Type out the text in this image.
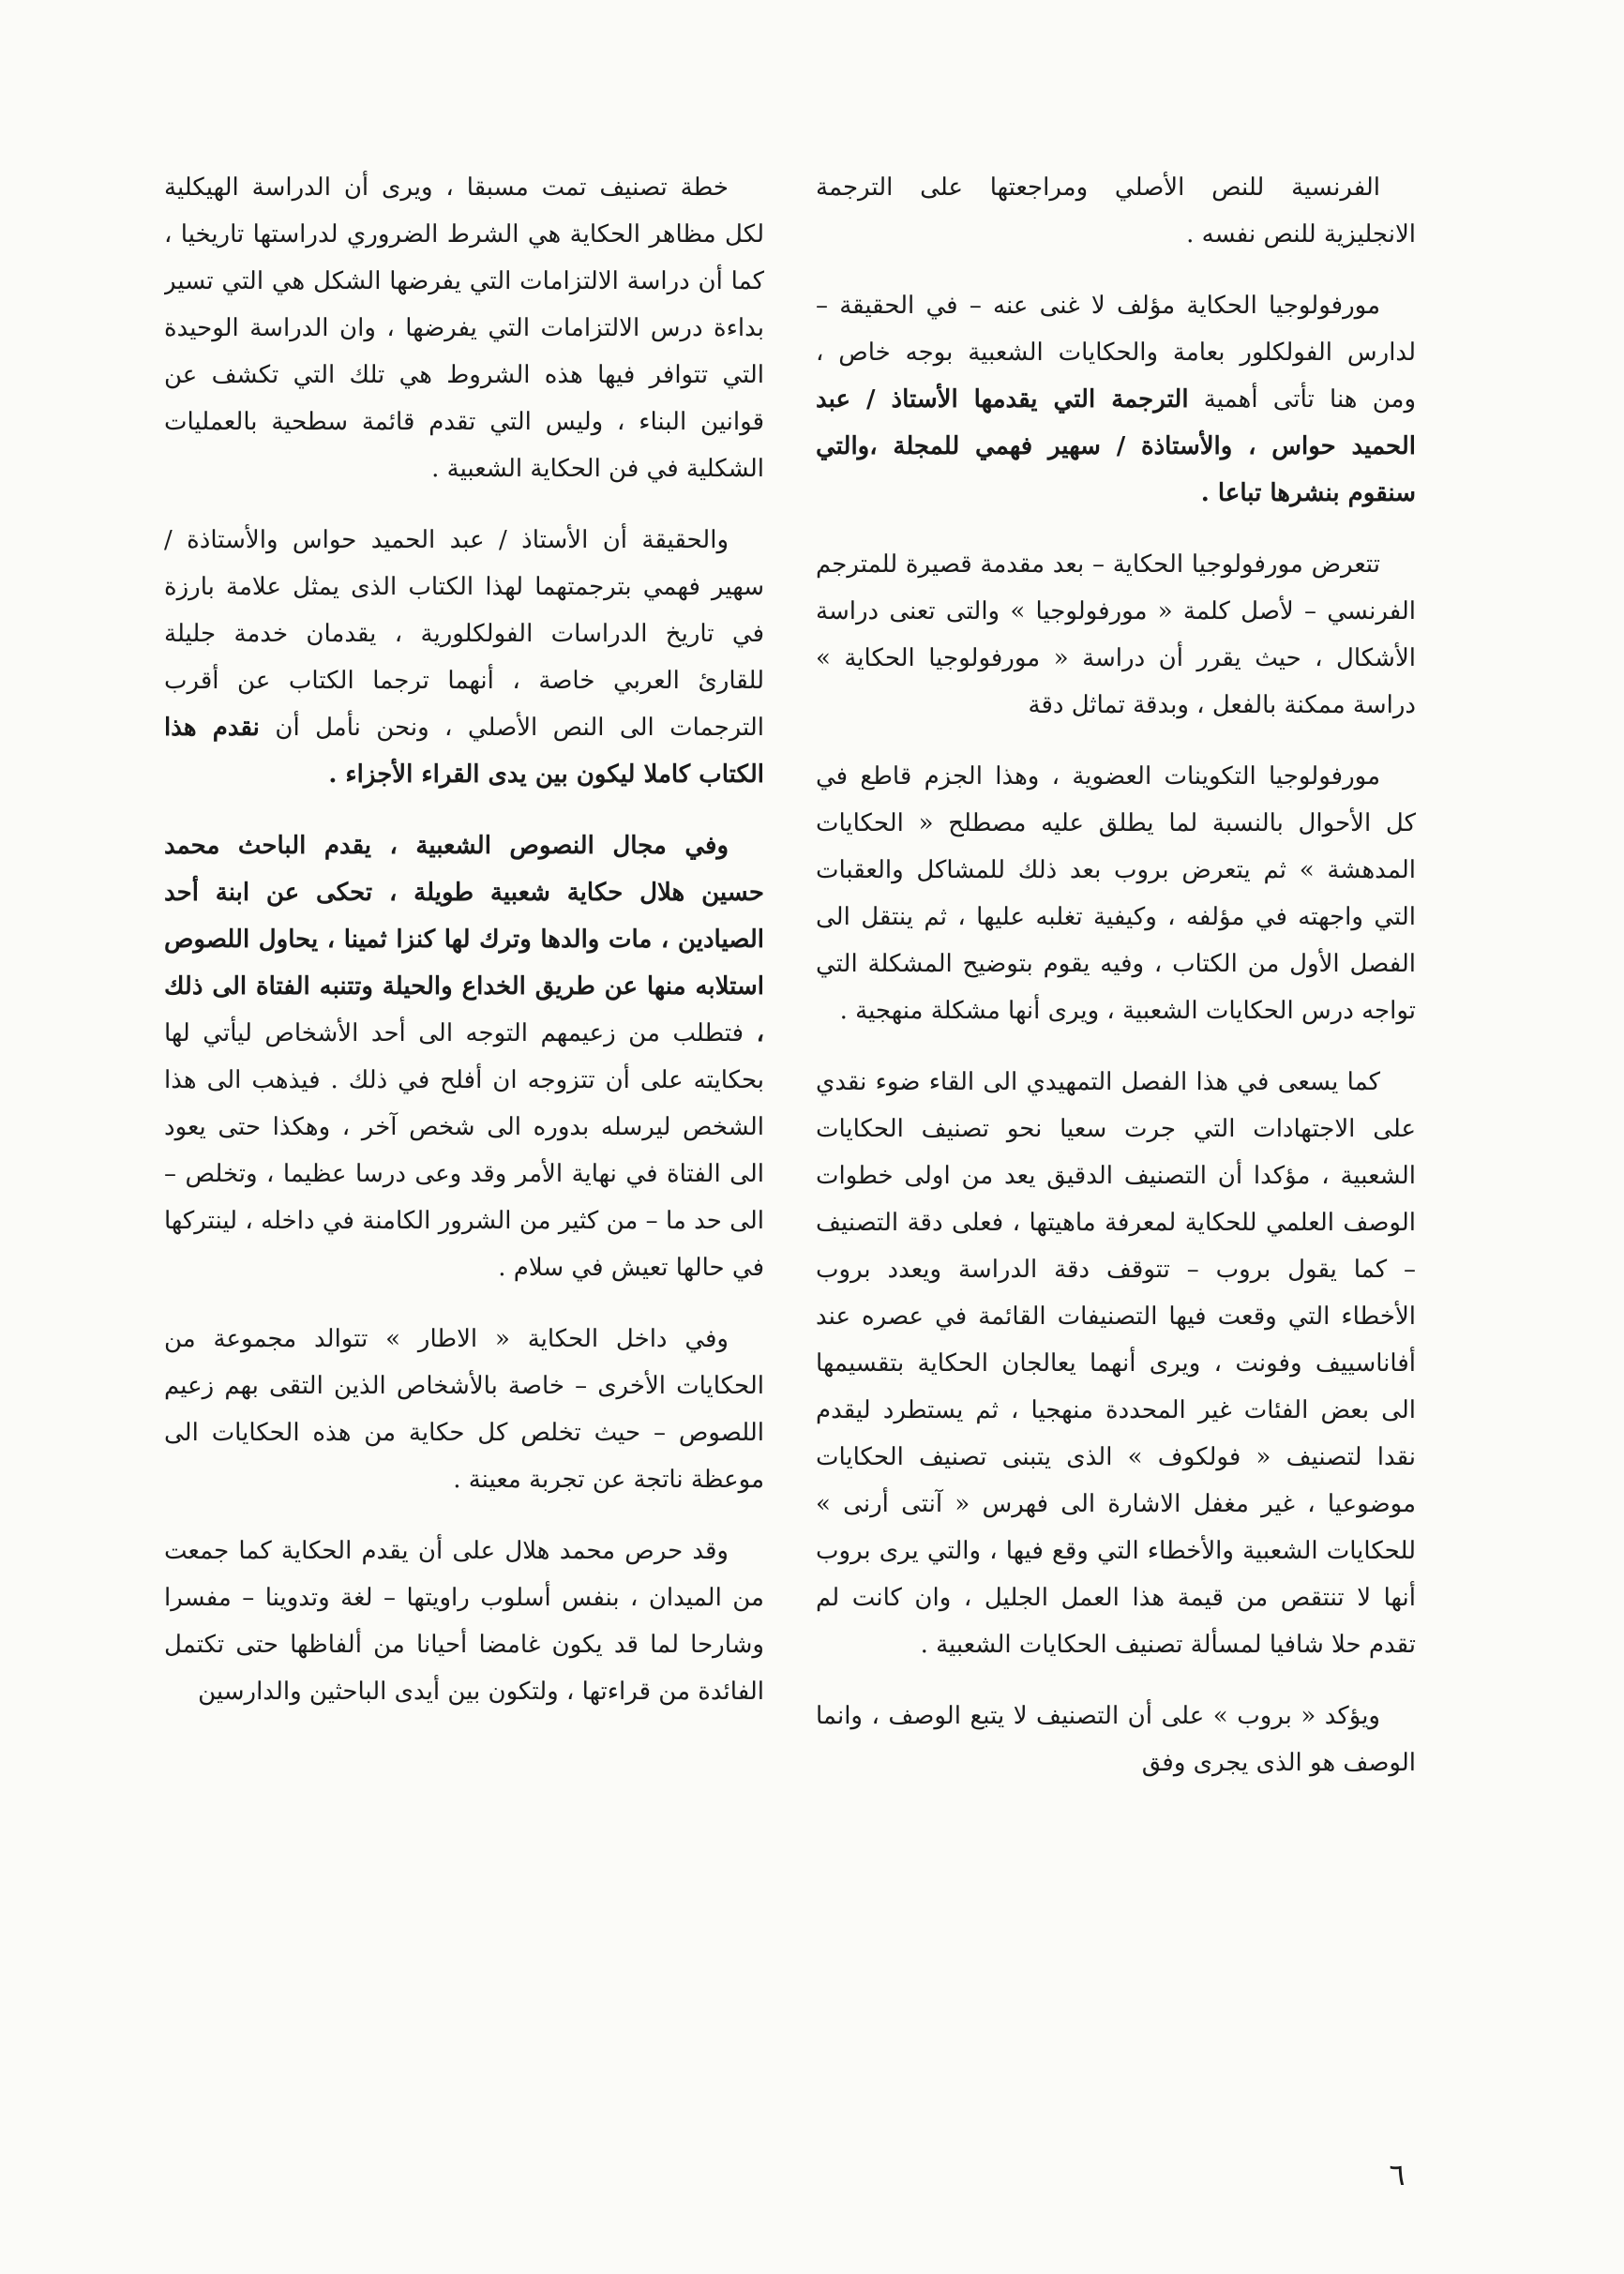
الفرنسية للنص الأصلي ومراجعتها على الترجمة الانجليزية للنص نفسه .

مورفولوجيا الحكاية مؤلف لا غنى عنه – في الحقيقة – لدارس الفولكلور بعامة والحكايات الشعبية بوجه خاص ، ومن هنا تأتى أهمية الترجمة التي يقدمها الأستاذ / عبد الحميد حواس ، والأستاذة / سهير فهمي للمجلة ،والتي سنقوم بنشرها تباعا .

تتعرض مورفولوجيا الحكاية – بعد مقدمة قصيرة للمترجم الفرنسي – لأصل كلمة « مورفولوجيا » والتى تعنى دراسة الأشكال ، حيث يقرر أن دراسة « مورفولوجيا الحكاية » دراسة ممكنة بالفعل ، وبدقة تماثل دقة

مورفولوجيا التكوينات العضوية ، وهذا الجزم قاطع في كل الأحوال بالنسبة لما يطلق عليه مصطلح « الحكايات المدهشة » ثم يتعرض بروب بعد ذلك للمشاكل والعقبات التي واجهته في مؤلفه ، وكيفية تغلبه عليها ، ثم ينتقل الى الفصل الأول من الكتاب ، وفيه يقوم بتوضيح المشكلة التي تواجه درس الحكايات الشعبية ، ويرى أنها مشكلة منهجية .

كما يسعى في هذا الفصل التمهيدي الى القاء ضوء نقدي على الاجتهادات التي جرت سعيا نحو تصنيف الحكايات الشعبية ، مؤكدا أن التصنيف الدقيق يعد من اولى خطوات الوصف العلمي للحكاية لمعرفة ماهيتها ، فعلى دقة التصنيف – كما يقول بروب – تتوقف دقة الدراسة ويعدد بروب الأخطاء التي وقعت فيها التصنيفات القائمة في عصره عند أفاناسييف وفونت ، ويرى أنهما يعالجان الحكاية بتقسيمها الى بعض الفئات غير المحددة منهجيا ، ثم يستطرد ليقدم نقدا لتصنيف « فولكوف » الذى يتبنى تصنيف الحكايات موضوعيا ، غير مغفل الاشارة الى فهرس « آنتى أرنى » للحكايات الشعبية والأخطاء التي وقع فيها ، والتي يرى بروب أنها لا تنتقص من قيمة هذا العمل الجليل ، وان كانت لم تقدم حلا شافيا لمسألة تصنيف الحكايات الشعبية .

ويؤكد « بروب » على أن التصنيف لا يتبع الوصف ، وانما الوصف هو الذى يجرى وفق

خطة تصنيف تمت مسبقا ، ويرى أن الدراسة الهيكلية لكل مظاهر الحكاية هي الشرط الضروري لدراستها تاريخيا ، كما أن دراسة الالتزامات التي يفرضها الشكل هي التي تسير بداءة درس الالتزامات التي يفرضها ، وان الدراسة الوحيدة التي تتوافر فيها هذه الشروط هي تلك التي تكشف عن قوانين البناء ، وليس التي تقدم قائمة سطحية بالعمليات الشكلية في فن الحكاية الشعبية .

والحقيقة أن الأستاذ / عبد الحميد حواس والأستاذة / سهير فهمي بترجمتهما لهذا الكتاب الذى يمثل علامة بارزة في تاريخ الدراسات الفولكلورية ، يقدمان خدمة جليلة للقارئ العربي خاصة ، أنهما ترجما الكتاب عن أقرب الترجمات الى النص الأصلي ، ونحن نأمل أن نقدم هذا الكتاب كاملا ليكون بين يدى القراء الأجزاء .

وفي مجال النصوص الشعبية ، يقدم الباحث محمد حسين هلال حكاية شعبية طويلة ، تحكى عن ابنة أحد الصيادين ، مات والدها وترك لها كنزا ثمينا ، يحاول اللصوص استلابه منها عن طريق الخداع والحيلة وتتنبه الفتاة الى ذلك ، فتطلب من زعيمهم التوجه الى أحد الأشخاص ليأتي لها بحكايته على أن تتزوجه ان أفلح في ذلك . فيذهب الى هذا الشخص ليرسله بدوره الى شخص آخر ، وهكذا حتى يعود الى الفتاة في نهاية الأمر وقد وعى درسا عظيما ، وتخلص – الى حد ما – من كثير من الشرور الكامنة في داخله ، لينتركها في حالها تعيش في سلام .

وفي داخل الحكاية « الاطار » تتوالد مجموعة من الحكايات الأخرى – خاصة بالأشخاص الذين التقى بهم زعيم اللصوص – حيث تخلص كل حكاية من هذه الحكايات الى موعظة ناتجة عن تجربة معينة .

وقد حرص محمد هلال على أن يقدم الحكاية كما جمعت من الميدان ، بنفس أسلوب راويتها – لغة وتدوينا – مفسرا وشارحا لما قد يكون غامضا أحيانا من ألفاظها حتى تكتمل الفائدة من قراءتها ، ولتكون بين أيدى الباحثين والدارسين

٦
